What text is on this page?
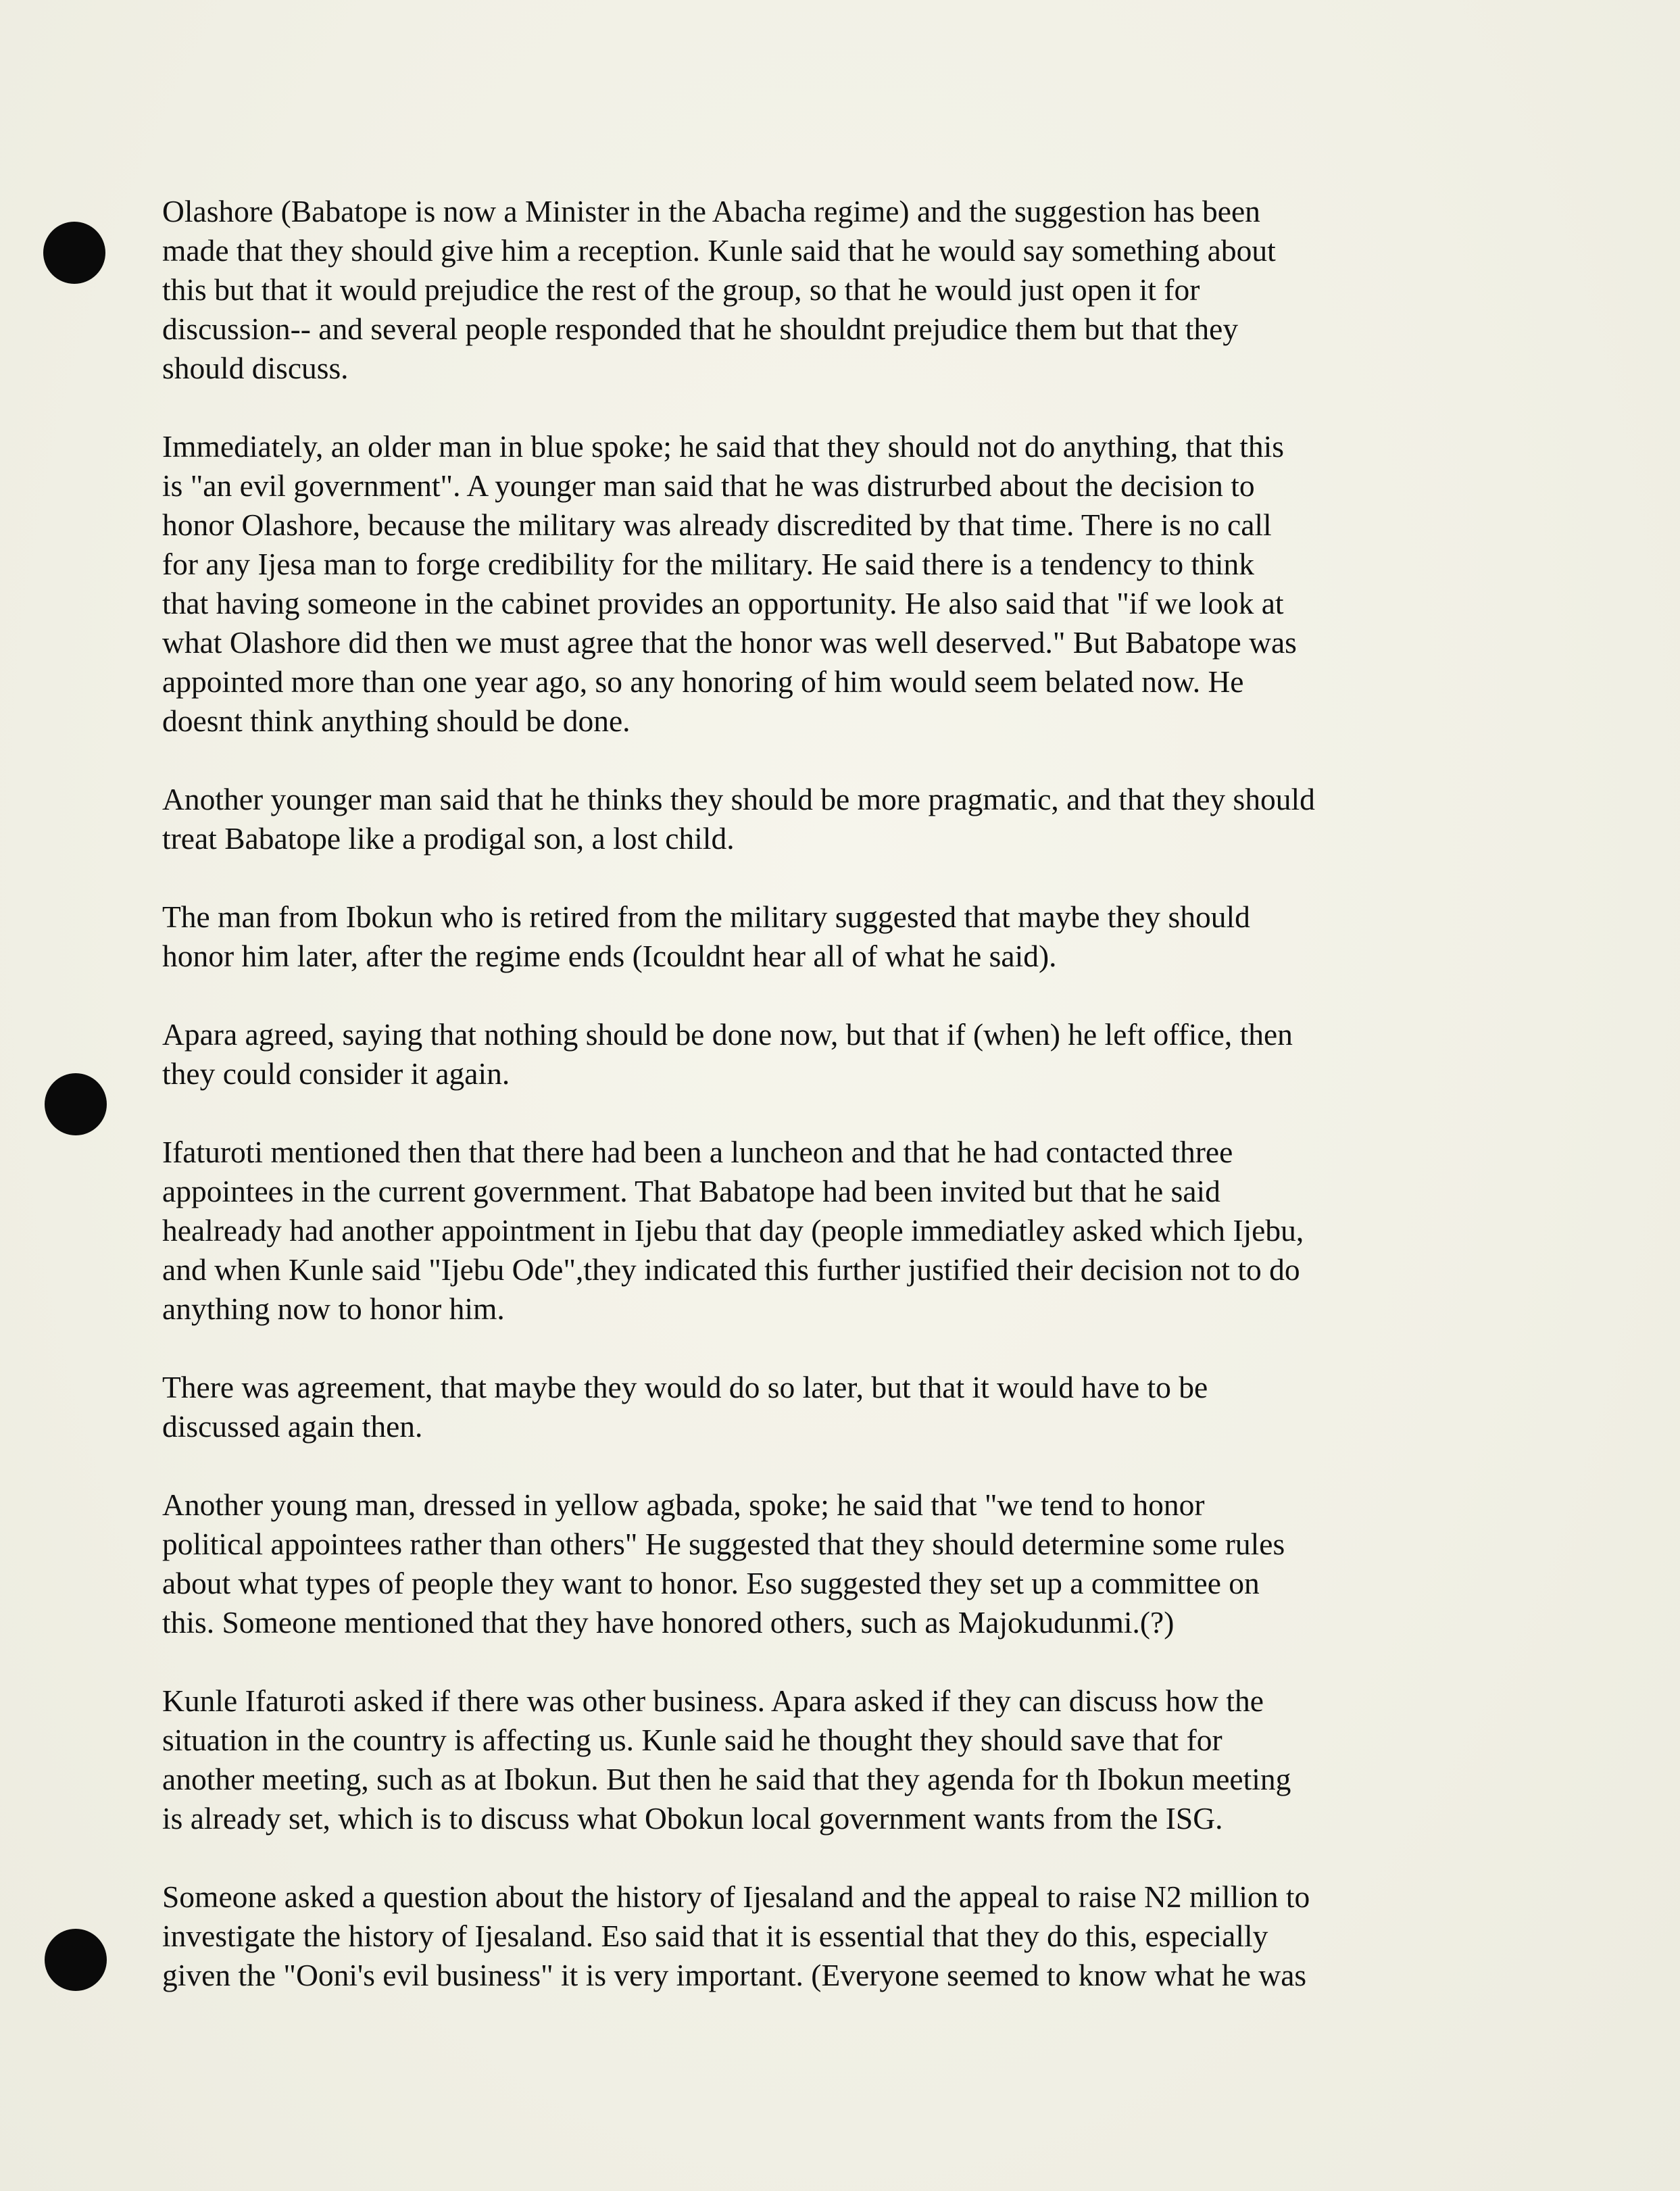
Olashore (Babatope is now a Minister in the Abacha regime) and the suggestion has been
made that they should give him a reception. Kunle said that he would say something about
this but that it would prejudice the rest of the group, so that he would just open it for
discussion-- and several people responded that he shouldnt prejudice them but that they
should discuss.

Immediately, an older man in blue spoke; he said that they should not do anything, that this
is "an evil government". A younger man said that he was distrurbed about the decision to
honor Olashore, because the military was already discredited by that time. There is no call
for any Ijesa man to forge credibility for the military. He said there is a tendency to think
that having someone in the cabinet provides an opportunity. He also said that "if we look at
what Olashore did then we must agree that the honor was well deserved." But Babatope was
appointed more than one year ago, so any honoring of him would seem belated now. He
doesnt think anything should be done.

Another younger man said that he thinks they should be more pragmatic, and that they should
treat Babatope like a prodigal son, a lost child.

The man from Ibokun who is retired from the military suggested that maybe they should
honor him later, after the regime ends (Icouldnt hear all of what he said).

Apara agreed, saying that nothing should be done now, but that if (when) he left office, then
they could consider it again.

Ifaturoti mentioned then that there had been a luncheon and that he had contacted three
appointees in the current government. That Babatope had been invited but that he said
healready had another appointment in Ijebu that day (people immediatley asked which Ijebu,
and when Kunle said "Ijebu Ode",they indicated this further justified their decision not to do
anything now to honor him.

There was agreement, that maybe they would do so later, but that it would have to be
discussed again then.

Another young man, dressed in yellow agbada, spoke; he said that "we tend to honor
political appointees rather than others" He suggested that they should determine some rules
about what types of people they want to honor. Eso suggested they set up a committee on
this. Someone mentioned that they have honored others, such as Majokudunmi.(?)

Kunle Ifaturoti asked if there was other business. Apara asked if they can discuss how the
situation in the country is affecting us. Kunle said he thought they should save that for
another meeting, such as at Ibokun. But then he said that they agenda for th Ibokun meeting
is already set, which is to discuss what Obokun local government wants from the ISG.

Someone asked a question about the history of Ijesaland and the appeal to raise N2 million to
investigate the history of Ijesaland. Eso said that it is essential that they do this, especially
given the "Ooni's evil business" it is very important. (Everyone seemed to know what he was
